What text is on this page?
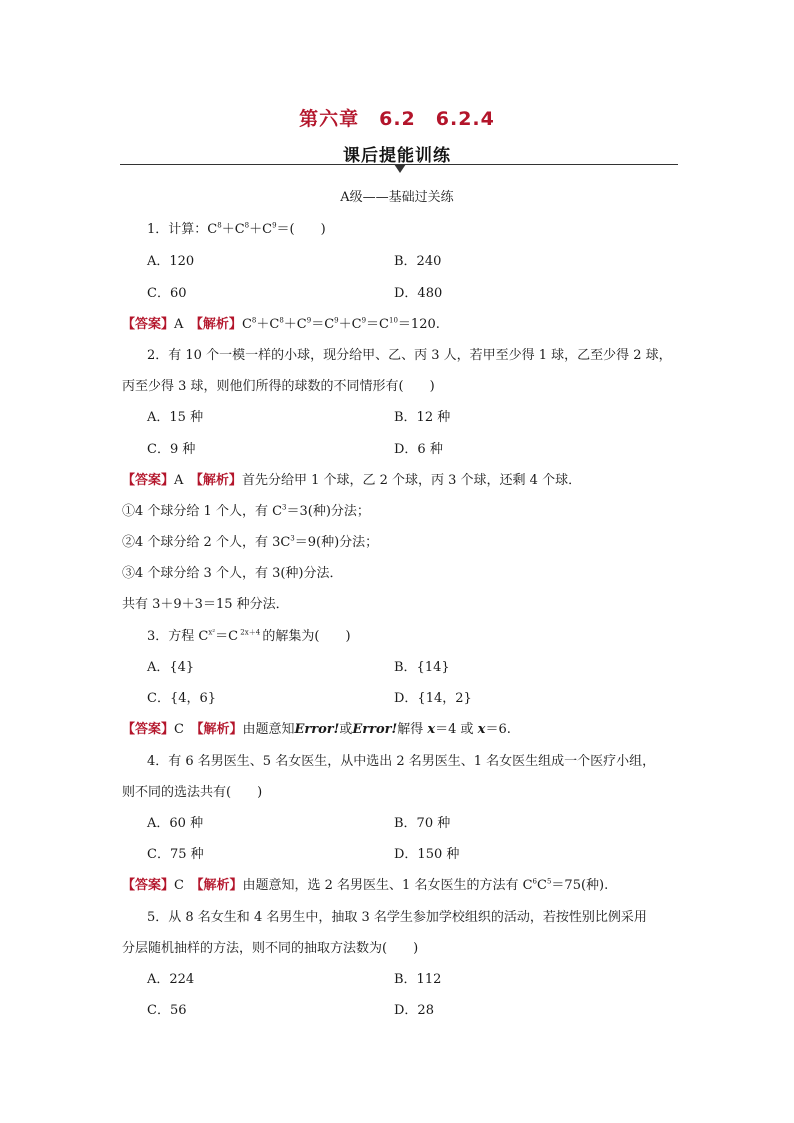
第六章　6.2　6.2.4
课后提能训练
A级——基础过关练
1．计算：$C^8+C^8+C^9=$(　　)
A．120	B．240
C．60	D．480
【答案】A　 【解析】$C^8+C^8+C^9=C^9+C^9=C^{10}=120$.
2．有 10 个一模一样的小球，现分给甲、乙、丙 3 人，若甲至少得 1 球，乙至少得 2 球，
丙至少得 3 球，则他们所得的球数的不同情形有(　　)
A．15 种	B．12 种
C．9 种	D．6 种
【答案】A　 【解析】首先分给甲 1 个球，乙 2 个球，丙 3 个球，还剩 4 个球．
①4 个球分给 1 个人，有 $C^3=3$(种)分法；
②4 个球分给 2 个人，有 $3C^3=9$(种)分法；
③4 个球分给 3 个人，有 3(种)分法．
共有 3＋9＋3＝15 种分法．
3．方程 $C^{x^2}=C$ $^{2x+4}$ 的解集为(　　)
A．{4}	B．{14}
C．{4，6}	D．{14，2}
【答案】C　 【解析】由题意知Error!或Error!解得 x＝4 或 x＝6.
4．有 6 名男医生、5 名女医生，从中选出 2 名男医生、1 名女医生组成一个医疗小组，
则不同的选法共有(　　)
A．60 种	B．70 种
C．75 种	D．150 种
【答案】C　 【解析】由题意知，选 2 名男医生、1 名女医生的方法有 $C^6C^5=75$(种).
5．从 8 名女生和 4 名男生中，抽取 3 名学生参加学校组织的活动，若按性别比例采用
分层随机抽样的方法，则不同的抽取方法数为(　　)
A．224	B．112
C．56	D．28
